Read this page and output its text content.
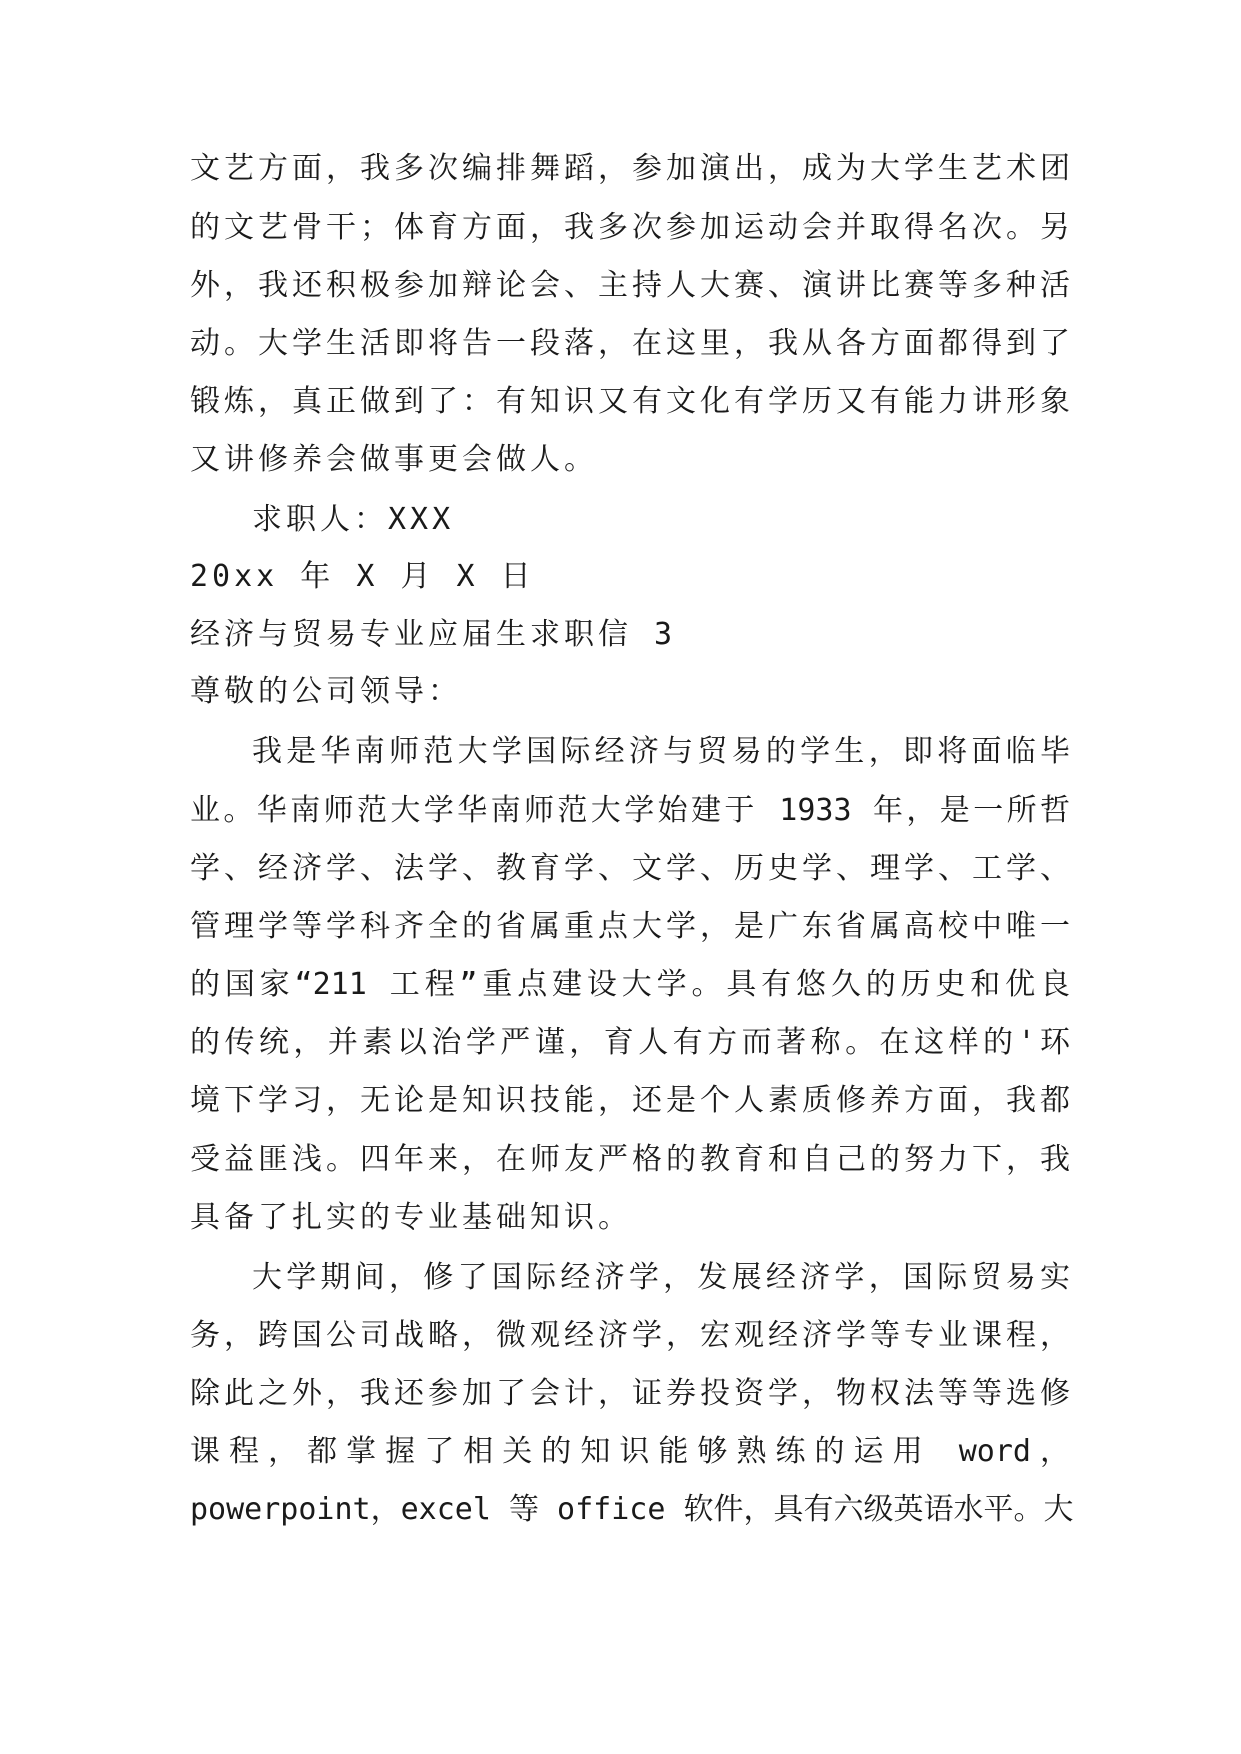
文艺方面，我多次编排舞蹈，参加演出，成为大学生艺术团
的文艺骨干；体育方面，我多次参加运动会并取得名次。另
外，我还积极参加辩论会、主持人大赛、演讲比赛等多种活
动。大学生活即将告一段落，在这里，我从各方面都得到了
锻炼，真正做到了：有知识又有文化有学历又有能力讲形象
又讲修养会做事更会做人。
求职人：XXX
20xx 年 X 月 X 日
经济与贸易专业应届生求职信 3
尊敬的公司领导：
我是华南师范大学国际经济与贸易的学生，即将面临毕
业。华南师范大学华南师范大学始建于 1933 年，是一所哲
学、经济学、法学、教育学、文学、历史学、理学、工学、
管理学等学科齐全的省属重点大学，是广东省属高校中唯一
的国家“211 工程”重点建设大学。具有悠久的历史和优良
的传统，并素以治学严谨，育人有方而著称。在这样的'环
境下学习，无论是知识技能，还是个人素质修养方面，我都
受益匪浅。四年来，在师友严格的教育和自己的努力下，我
具备了扎实的专业基础知识。
大学期间，修了国际经济学，发展经济学，国际贸易实
务，跨国公司战略，微观经济学，宏观经济学等专业课程，
除此之外，我还参加了会计，证券投资学，物权法等等选修
课程，都掌握了相关的知识能够熟练的运用 word，
powerpoint，excel 等 office 软件，具有六级英语水平。大
